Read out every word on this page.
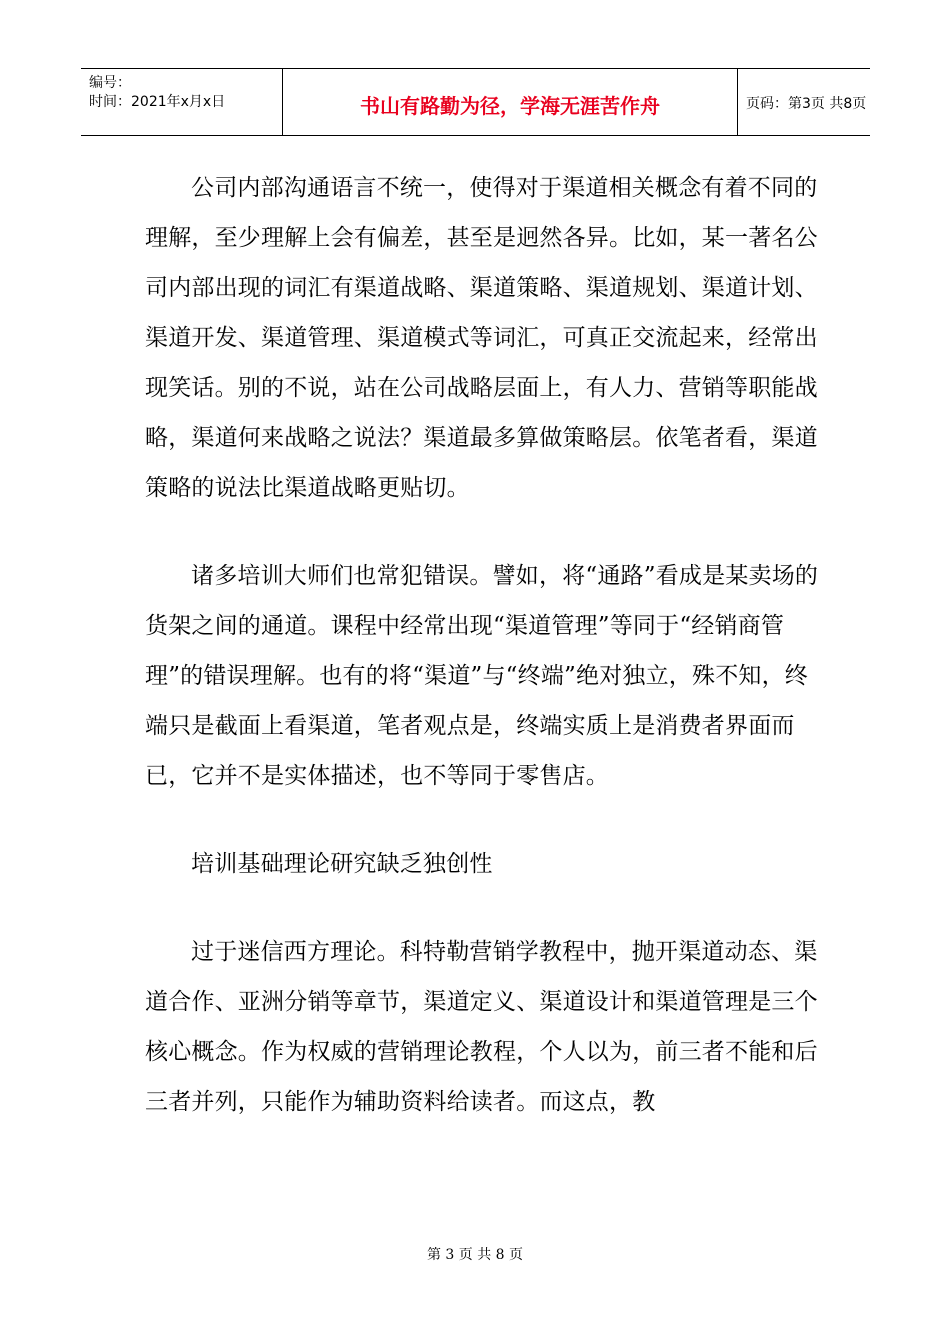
编号：
时间：2021年x月x日	书山有路勤为径，学海无涯苦作舟	页码：第3页 共8页

公司内部沟通语言不统一，使得对于渠道相关概念有着不同的理解，至少理解上会有偏差，甚至是迥然各异。比如，某一著名公司内部出现的词汇有渠道战略、渠道策略、渠道规划、渠道计划、渠道开发、渠道管理、渠道模式等词汇，可真正交流起来，经常出现笑话。别的不说，站在公司战略层面上，有人力、营销等职能战略，渠道何来战略之说法？渠道最多算做策略层。依笔者看，渠道策略的说法比渠道战略更贴切。

诸多培训大师们也常犯错误。譬如，将“通路”看成是某卖场的货架之间的通道。课程中经常出现“渠道管理”等同于“经销商管理”的错误理解。也有的将“渠道”与“终端”绝对独立，殊不知，终端只是截面上看渠道，笔者观点是，终端实质上是消费者界面而已，它并不是实体描述，也不等同于零售店。

培训基础理论研究缺乏独创性

过于迷信西方理论。科特勒营销学教程中，抛开渠道动态、渠道合作、亚洲分销等章节，渠道定义、渠道设计和渠道管理是三个核心概念。作为权威的营销理论教程，个人以为，前三者不能和后三者并列，只能作为辅助资料给读者。而这点，教

第 3 页 共 8 页
